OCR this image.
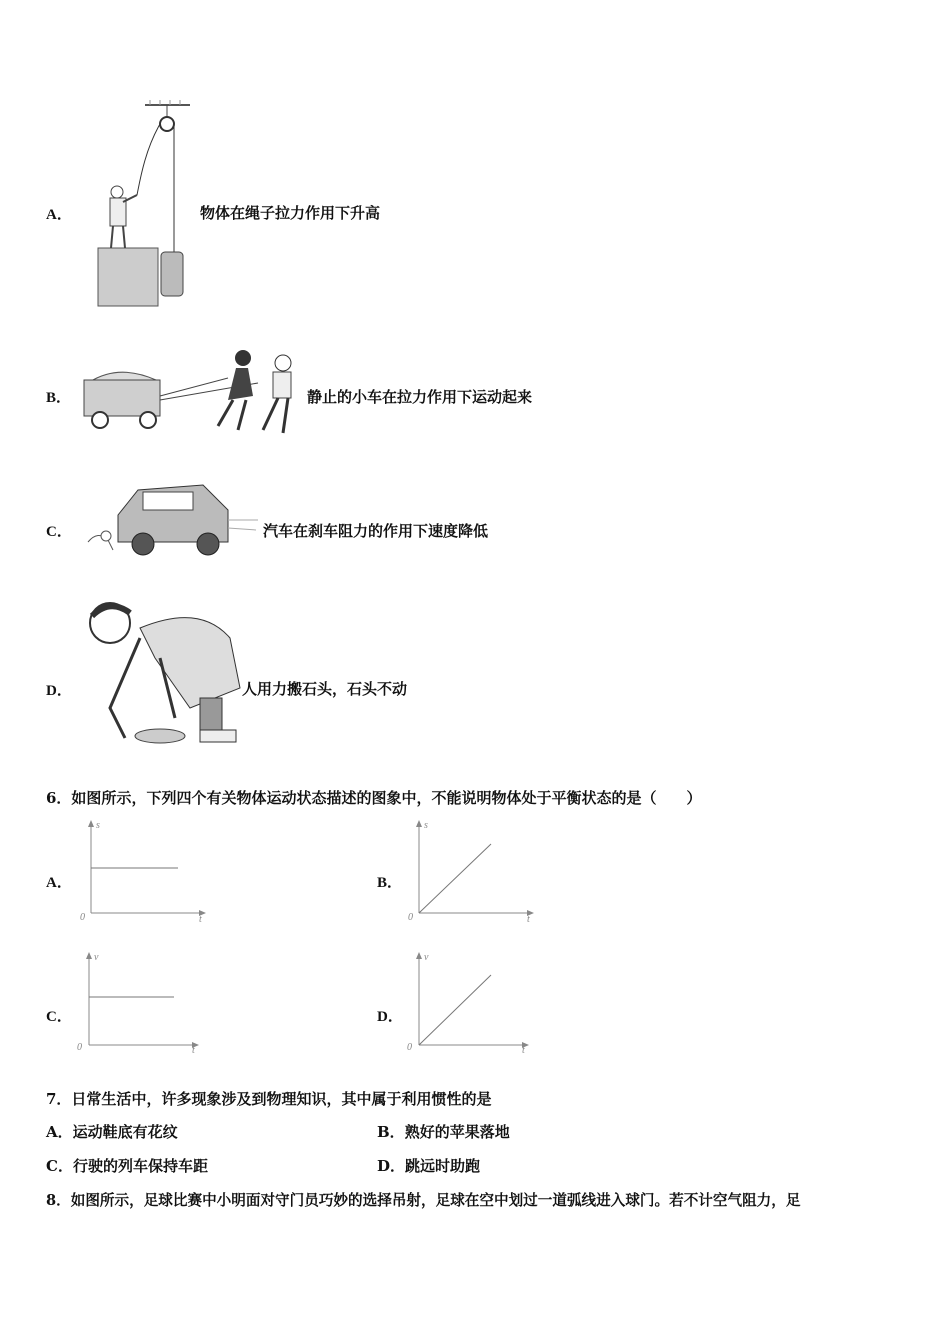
A．	物体在绳子拉力作用下升高
B．	静止的小车在拉力作用下运动起来
C．	汽车在刹车阻力的作用下速度降低
D．	人用力搬石头，石头不动
6．如图所示，下列四个有关物体运动状态描述的图象中，不能说明物体处于平衡状态的是（　　）
A．
s
t
0
B．
s
t
0
C．
v
t
0
D．
v
t
0
7．日常生活中，许多现象涉及到物理知识，其中属于利用惯性的是
A．运动鞋底有花纹	B．熟好的苹果落地
C．行驶的列车保持车距	D．跳远时助跑
8．如图所示，足球比赛中小明面对守门员巧妙的选择吊射，足球在空中划过一道弧线进入球门。若不计空气阻力，足
